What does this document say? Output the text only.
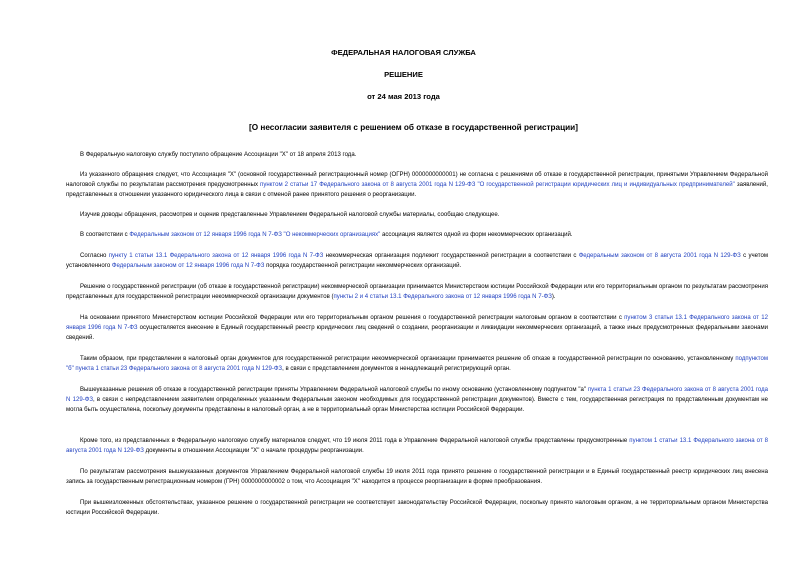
ФЕДЕРАЛЬНАЯ НАЛОГОВАЯ СЛУЖБА
РЕШЕНИЕ
от 24 мая 2013 года
[О несогласии заявителя с решением об отказе в государственной регистрации]

В Федеральную налоговую службу поступило обращение Ассоциации "Х" от 18 апреля 2013 года.

Из указанного обращения следует, что Ассоциация "Х" (основной государственный регистрационный номер (ОГРН) 0000000000001) не согласна с решениями об отказе в государственной регистрации, принятыми Управлением Федеральной налоговой службы по результатам рассмотрения предусмотренных пунктом 2 статьи 17 Федерального закона от 8 августа 2001 года N 129-ФЗ "О государственной регистрации юридических лиц и индивидуальных предпринимателей" заявлений, представленных в отношении указанного юридического лица в связи с отменой ранее принятого решения о реорганизации.

Изучив доводы обращения, рассмотрев и оценив представленные Управлением Федеральной налоговой службы материалы, сообщаю следующее.

В соответствии с Федеральным законом от 12 января 1996 года N 7-ФЗ "О некоммерческих организациях" ассоциация является одной из форм некоммерческих организаций.

Согласно пункту 1 статьи 13.1 Федерального закона от 12 января 1996 года N 7-ФЗ некоммерческая организация подлежит государственной регистрации в соответствии с Федеральным законом от 8 августа 2001 года N 129-ФЗ с учетом установленного Федеральным законом от 12 января 1996 года N 7-ФЗ порядка государственной регистрации некоммерческих организаций.

Решение о государственной регистрации (об отказе в государственной регистрации) некоммерческой организации принимается Министерством юстиции Российской Федерации или его территориальным органом по результатам рассмотрения представленных для государственной регистрации некоммерческой организации документов (пункты 2 и 4 статьи 13.1 Федерального закона от 12 января 1996 года N 7-ФЗ).

На основании принятого Министерством юстиции Российской Федерации или его территориальным органом решения о государственной регистрации налоговым органом в соответствии с пунктом 3 статьи 13.1 Федерального закона от 12 января 1996 года N 7-ФЗ осуществляется внесение в Единый государственный реестр юридических лиц сведений о создании, реорганизации и ликвидации некоммерческих организаций, а также иных предусмотренных федеральными законами сведений.

Таким образом, при представлении в налоговый орган документов для государственной регистрации некоммерческой организации принимается решение об отказе в государственной регистрации по основанию, установленному подпунктом "б" пункта 1 статьи 23 Федерального закона от 8 августа 2001 года N 129-ФЗ, в связи с представлением документов в ненадлежащий регистрирующий орган.

Вышеуказанные решения об отказе в государственной регистрации приняты Управлением Федеральной налоговой службы по иному основанию (установленному подпунктом "а" пункта 1 статьи 23 Федерального закона от 8 августа 2001 года N 129-ФЗ, в связи с непредставлением заявителем определенных указанным Федеральным законом необходимых для государственной регистрации документов). Вместе с тем, государственная регистрация по представленным документам не могла быть осуществлена, поскольку документы представлены в налоговый орган, а не в территориальный орган Министерства юстиции Российской Федерации.

Кроме того, из представленных в Федеральную налоговую службу материалов следует, что 19 июля 2011 года в Управление Федеральной налоговой службы представлены предусмотренные пунктом 1 статьи 13.1 Федерального закона от 8 августа 2001 года N 129-ФЗ документы в отношении Ассоциации "Х" о начале процедуры реорганизации.

По результатам рассмотрения вышеуказанных документов Управлением Федеральной налоговой службы 19 июля 2011 года принято решение о государственной регистрации и в Единый государственный реестр юридических лиц внесена запись за государственным регистрационным номером (ГРН) 0000000000002 о том, что Ассоциация "Х" находится в процессе реорганизации в форме преобразования.

При вышеизложенных обстоятельствах, указанное решение о государственной регистрации не соответствует законодательству Российской Федерации, поскольку принято налоговым органом, а не территориальным органом Министерства юстиции Российской Федерации.
